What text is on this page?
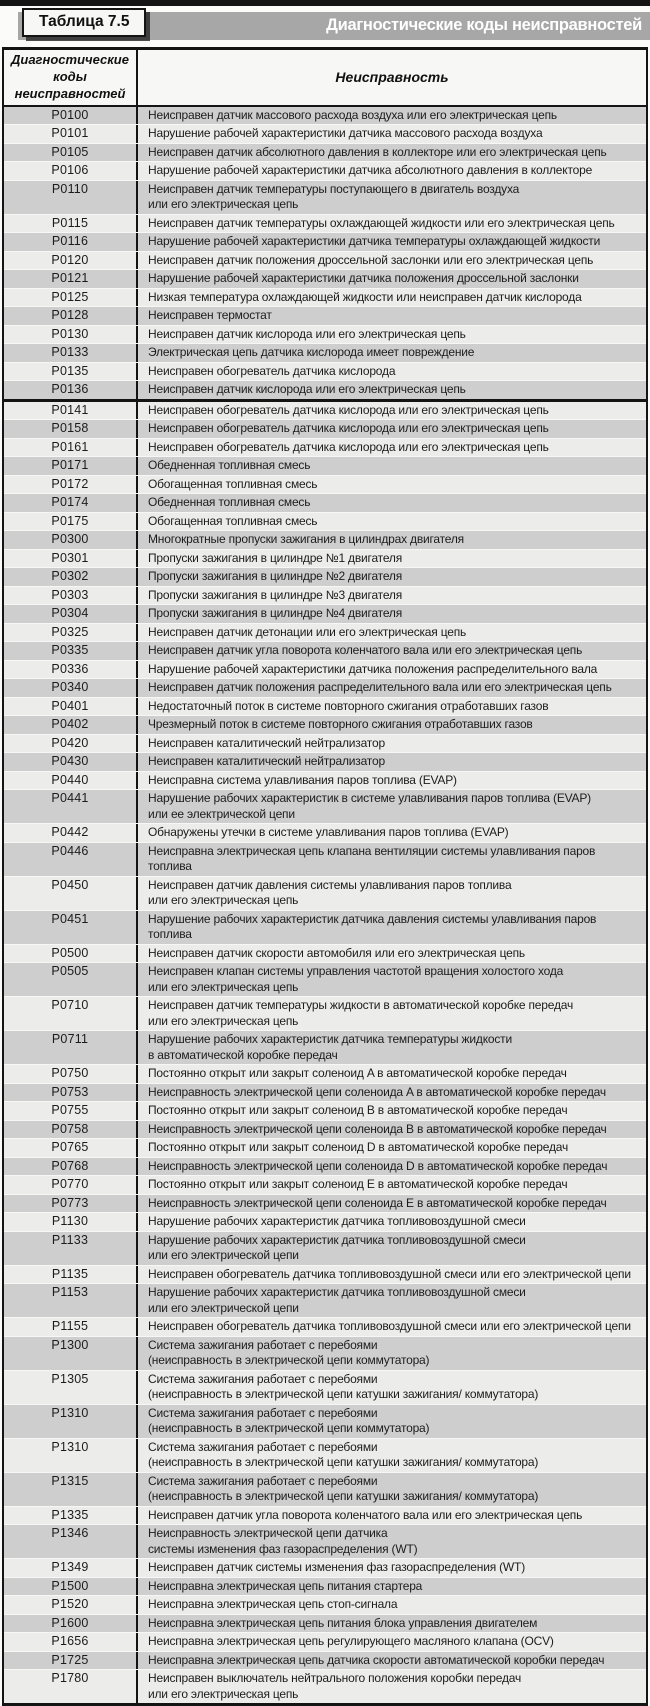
Диагностические коды неисправностей
Таблица 7.5
Диагностические
коды неисправностей
Неисправность
P0100	Неисправен датчик массового расхода воздуха или его электрическая цепь
P0101	Нарушение рабочей характеристики датчика массового расхода воздуха
P0105	Неисправен датчик абсолютного давления в коллекторе или его электрическая цепь
P0106	Нарушение рабочей характеристики датчика абсолютного давления в коллекторе
P0110	Неисправен датчик температуры поступающего в двигатель воздуха
или его электрическая цепь
P0115	Неисправен датчик температуры охлаждающей жидкости или его электрическая цепь
P0116	Нарушение рабочей характеристики датчика температуры охлаждающей жидкости
P0120	Неисправен датчик положения дроссельной заслонки или его электрическая цепь
P0121	Нарушение рабочей характеристики датчика положения дроссельной заслонки
P0125	Низкая температура охлаждающей жидкости или неисправен датчик кислорода
P0128	Неисправен термостат
P0130	Неисправен датчик кислорода или его электрическая цепь
P0133	Электрическая цепь датчика кислорода имеет повреждение
P0135	Неисправен обогреватель датчика кислорода
P0136	Неисправен датчик кислорода или его электрическая цепь
P0141	Неисправен обогреватель датчика кислорода или его электрическая цепь
P0158	Неисправен обогреватель датчика кислорода или его электрическая цепь
P0161	Неисправен обогреватель датчика кислорода или его электрическая цепь
P0171	Обедненная топливная смесь
P0172	Обогащенная топливная смесь
P0174	Обедненная топливная смесь
P0175	Обогащенная топливная смесь
P0300	Многократные пропуски зажигания в цилиндрах двигателя
P0301	Пропуски зажигания в цилиндре №1 двигателя
P0302	Пропуски зажигания в цилиндре №2 двигателя
P0303	Пропуски зажигания в цилиндре №3 двигателя
P0304	Пропуски зажигания в цилиндре №4 двигателя
P0325	Неисправен датчик детонации или его электрическая цепь
P0335	Неисправен датчик угла поворота коленчатого вала или его электрическая цепь
P0336	Нарушение рабочей характеристики датчика положения распределительного вала
P0340	Неисправен датчик положения распределительного вала или его электрическая цепь
P0401	Недостаточный поток в системе повторного сжигания отработавших газов
P0402	Чрезмерный поток в системе повторного сжигания отработавших газов
P0420	Неисправен каталитический нейтрализатор
P0430	Неисправен каталитический нейтрализатор
P0440	Неисправна система улавливания паров топлива (EVAP)
P0441	Нарушение рабочих характеристик в системе улавливания паров топлива (EVAP)
или ее электрической цепи
P0442	Обнаружены утечки в системе улавливания паров топлива (EVAP)
P0446	Неисправна электрическая цепь клапана вентиляции системы улавливания паров топлива
P0450	Неисправен датчик давления системы улавливания паров топлива
или его электрическая цепь
P0451	Нарушение рабочих характеристик датчика давления системы улавливания паров топлива
P0500	Неисправен датчик скорости автомобиля или его электрическая цепь
P0505	Неисправен клапан системы управления частотой вращения холостого хода
или его электрическая цепь
P0710	Неисправен датчик температуры жидкости в автоматической коробке передач
или его электрическая цепь
P0711	Нарушение рабочих характеристик датчика температуры жидкости
в автоматической коробке передач
P0750	Постоянно открыт или закрыт соленоид A в автоматической коробке передач
P0753	Неисправность электрической цепи соленоида A в автоматической коробке передач
P0755	Постоянно открыт или закрыт соленоид B в автоматической коробке передач
P0758	Неисправность электрической цепи соленоида B в автоматической коробке передач
P0765	Постоянно открыт или закрыт соленоид D в автоматической коробке передач
P0768	Неисправность электрической цепи соленоида D в автоматической коробке передач
P0770	Постоянно открыт или закрыт соленоид E в автоматической коробке передач
P0773	Неисправность электрической цепи соленоида E в автоматической коробке передач
P1130	Нарушение рабочих характеристик датчика топливовоздушной смеси
P1133	Нарушение рабочих характеристик датчика топливовоздушной смеси
или его электрической цепи
P1135	Неисправен обогреватель датчика топливовоздушной смеси или его электрической цепи
P1153	Нарушение рабочих характеристик датчика топливовоздушной смеси
или его электрической цепи
P1155	Неисправен обогреватель датчика топливовоздушной смеси или его электрической цепи
P1300	Система зажигания работает с перебоями
(неисправность в электрической цепи коммутатора)
P1305	Система зажигания работает с перебоями
(неисправность в электрической цепи катушки зажигания/ коммутатора)
P1310	Система зажигания работает с перебоями
(неисправность в электрической цепи коммутатора)
P1310	Система зажигания работает с перебоями
(неисправность в электрической цепи катушки зажигания/ коммутатора)
P1315	Система зажигания работает с перебоями
(неисправность в электрической цепи катушки зажигания/ коммутатора)
P1335	Неисправен датчик угла поворота коленчатого вала или его электрическая цепь
P1346	Неисправность электрической цепи датчика
системы изменения фаз газораспределения (WT)
P1349	Неисправен датчик системы изменения фаз газораспределения (WT)
P1500	Неисправна электрическая цепь питания стартера
P1520	Неисправна электрическая цепь стоп-сигнала
P1600	Неисправна электрическая цепь питания блока управления двигателем
P1656	Неисправна электрическая цепь регулирующего масляного клапана (OCV)
P1725	Неисправна электрическая цепь датчика скорости автоматической коробки передач
P1780	Неисправен выключатель нейтрального положения коробки передач
или его электрическая цепь
